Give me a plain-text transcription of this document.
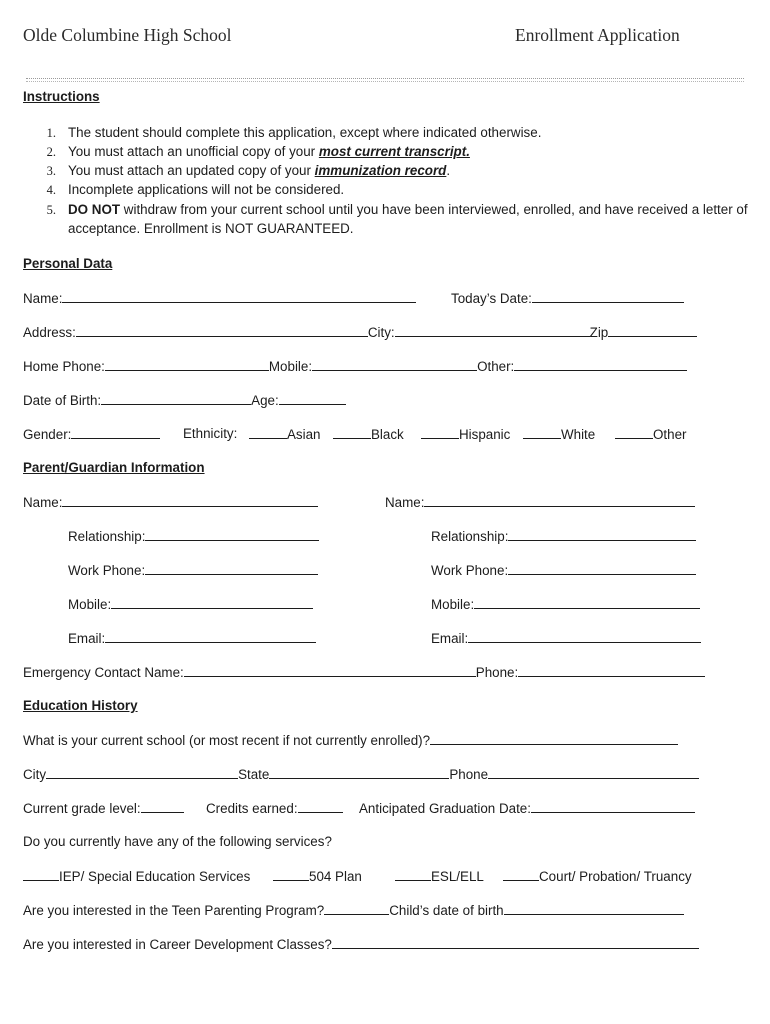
Olde Columbine High School	Enrollment Application
Instructions
1. The student should complete this application, except where indicated otherwise.
2. You must attach an unofficial copy of your most current transcript.
3. You must attach an updated copy of your immunization record.
4. Incomplete applications will not be considered.
5. DO NOT withdraw from your current school until you have been interviewed, enrolled, and have received a letter of
acceptance. Enrollment is NOT GUARANTEED.
Personal Data
Name:	Today’s Date:
Address:	City:	Zip
Home Phone:	Mobile:	Other:
Date of Birth:	Age:
Gender:	Ethnicity:	Asian	Black	Hispanic	White	Other
Parent/Guardian Information
Name:	Name:
Relationship:	Relationship:
Work Phone:	Work Phone:
Mobile:	Mobile:
Email:	Email:
Emergency Contact Name:	Phone:
Education History
What is your current school (or most recent if not currently enrolled)?
City	State	Phone
Current grade level:	Credits earned:	Anticipated Graduation Date:
Do you currently have any of the following services?
IEP/ Special Education Services	504 Plan	ESL/ELL	Court/ Probation/ Truancy
Are you interested in the Teen Parenting Program?	Child’s date of birth
Are you interested in Career Development Classes?
